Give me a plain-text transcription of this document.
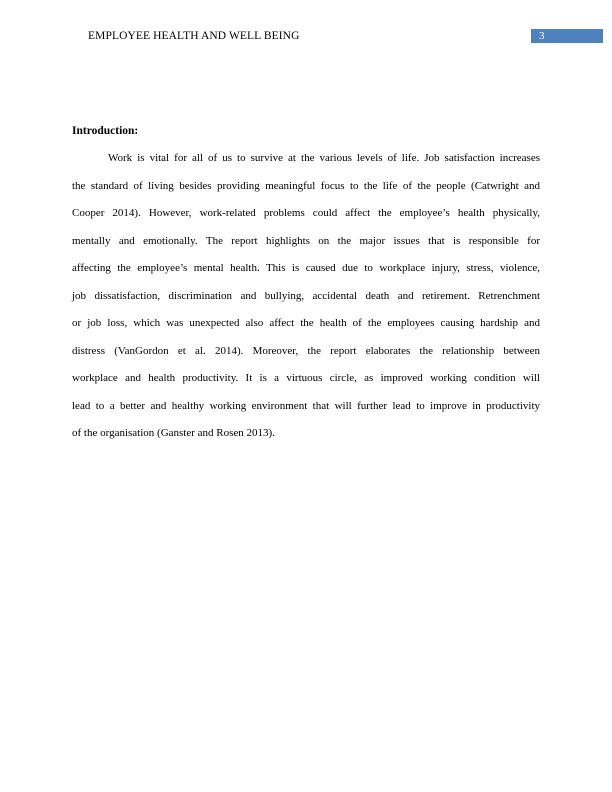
EMPLOYEE HEALTH AND WELL BEING	3
Introduction:
Work is vital for all of us to survive at the various levels of life. Job satisfaction increases
the standard of living besides providing meaningful focus to the life of the people (Catwright and
Cooper 2014). However, work-related problems could affect the employee’s health physically,
mentally and emotionally. The report highlights on the major issues that is responsible for
affecting the employee’s mental health. This is caused due to workplace injury, stress, violence,
job dissatisfaction, discrimination and bullying, accidental death and retirement. Retrenchment
or job loss, which was unexpected also affect the health of the employees causing hardship and
distress (VanGordon et al. 2014). Moreover, the report elaborates the relationship between
workplace and health productivity. It is a virtuous circle, as improved working condition will
lead to a better and healthy working environment that will further lead to improve in productivity
of the organisation (Ganster and Rosen 2013).
